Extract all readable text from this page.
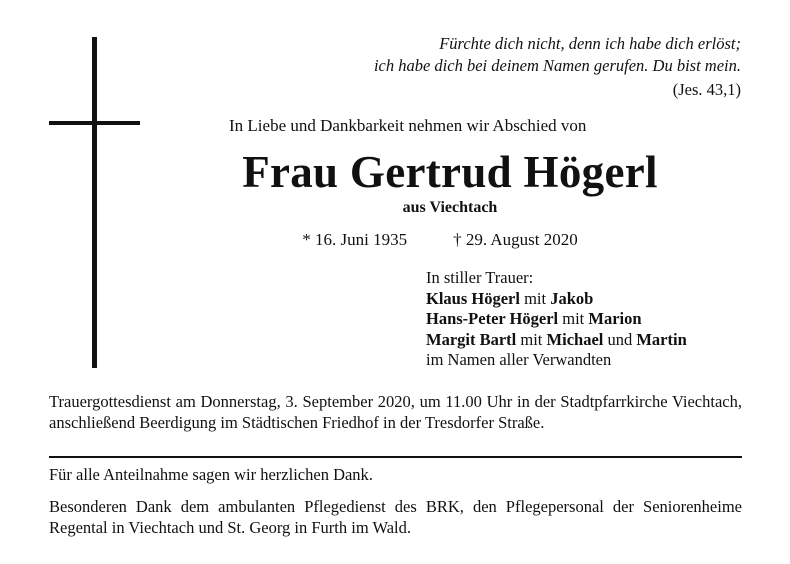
Fürchte dich nicht, denn ich habe dich erlöst;
ich habe dich bei deinem Namen gerufen. Du bist mein.
(Jes. 43,1)
In Liebe und Dankbarkeit nehmen wir Abschied von
Frau Gertrud Högerl
aus Viechtach
* 16. Juni 1935	† 29. August 2020
In stiller Trauer:
Klaus Högerl mit Jakob
Hans-Peter Högerl mit Marion
Margit Bartl mit Michael und Martin
im Namen aller Verwandten
Trauergottesdienst am Donnerstag, 3. September 2020, um 11.00 Uhr in der Stadtpfarrkirche Viechtach, anschließend Beerdigung im Städtischen Friedhof in der Tresdorfer Straße.
Für alle Anteilnahme sagen wir herzlichen Dank.
Besonderen Dank dem ambulanten Pflegedienst des BRK, den Pflegepersonal der Seniorenheime Regental in Viechtach und St. Georg in Furth im Wald.
